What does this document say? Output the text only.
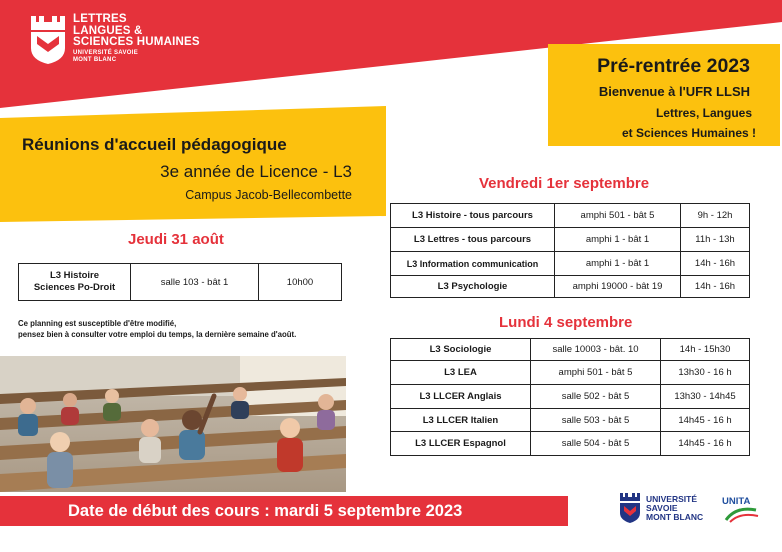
LETTRES
LANGUES &
SCIENCES HUMAINES
UNIVERSITÉ SAVOIE
MONT BLANC	Pré-rentrée 2023
Bienvenue à l'UFR LLSH
Lettres, Langues
et Sciences Humaines !
Réunions d'accueil pédagogique
3e année de Licence - L3
Campus Jacob-Bellecombette
Jeudi 31 août
L3 Histoire
Sciences Po-Droit	salle 103 - bât 1	10h00
Vendredi 1er septembre
L3 Histoire - tous parcours	amphi 501 - bât 5	9h - 12h
L3 Lettres - tous parcours	amphi 1 - bât 1	11h - 13h
L3 Information communication	amphi 1 - bât 1	14h - 16h
L3 Psychologie	amphi 19000 - bât 19	14h - 16h
Lundi 4 septembre
L3 Sociologie	salle 10003 - bât. 10	14h - 15h30
L3 LEA	amphi 501 - bât 5	13h30 - 16 h
L3 LLCER Anglais	salle 502 - bât 5	13h30 - 14h45
L3 LLCER Italien	salle 503 - bât 5	14h45 - 16 h
L3 LLCER Espagnol	salle 504 - bât 5	14h45 - 16 h
Ce planning est susceptible d'être modifié,
pensez bien à consulter votre emploi du temps, la dernière semaine d'août.
Date de début des cours : mardi 5 septembre 2023
UNIVERSITÉ
SAVOIE
MONT BLANC
UNITA
